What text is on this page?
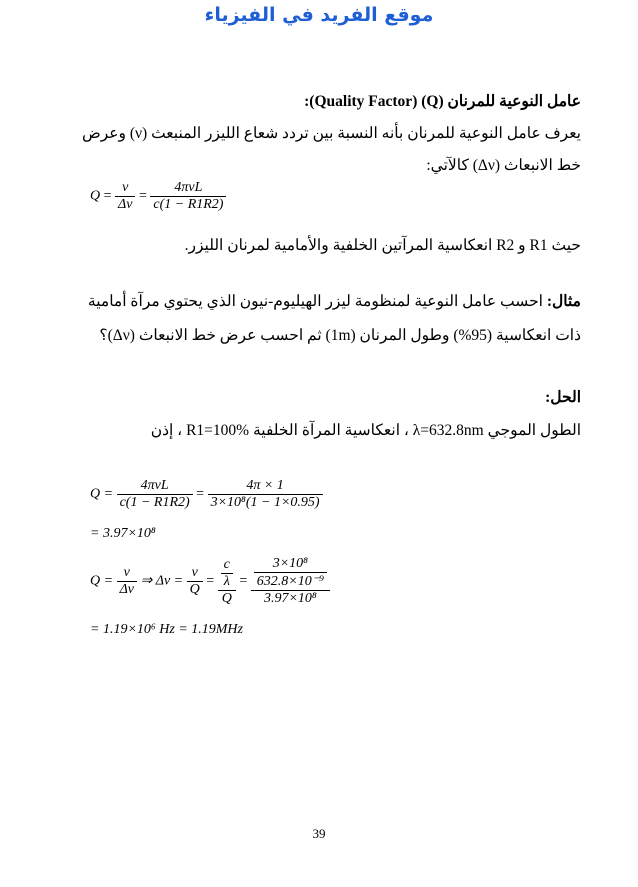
موقع الفريد في الفيزياء
عامل النوعية للمرنان (Q) (Quality Factor):
يعرف عامل النوعية للمرنان بأنه النسبة بين تردد شعاع الليزر المنبعث (ν) وعرض
خط الانبعاث (Δν) كالآتي:
$Q = \frac{\nu}{\Delta\nu} = \frac{\text{4πνL}}{c(1 - R1R2)}$
حيث R1 و R2 انعكاسية المرآتين الخلفية والأمامية لمرنان الليزر.
مثال: احسب عامل النوعية لمنظومة ليزر الهيليوم-نيون الذي يحتوي مرآة أمامية
ذات انعكاسية (95%) وطول المرنان (1m) ثم احسب عرض خط الانبعاث (Δν)؟
الحل:
الطول الموجي λ=632.8nm ، انعكاسية المرآة الخلفية R1=100% ، إذن
$Q = \frac{\text{4πνL}}{c(1 - R1R2)} = \frac{4\pi \times 1}{\text{3×10⁸(1 − 1×0.95)}}$
= 3.97×10⁸
$Q = \frac{\nu}{\Delta\nu}$ ⇒ $\Delta\nu = \frac{\nu}{Q} = \frac{\frac{c}{\lambda}}{Q} = \frac{\frac{\text{3×10⁸}}{\text{632.8×10⁻⁹}}}{\text{3.97×10⁸}}$
= 1.19×10⁶ Hz = 1.19MHz
39
